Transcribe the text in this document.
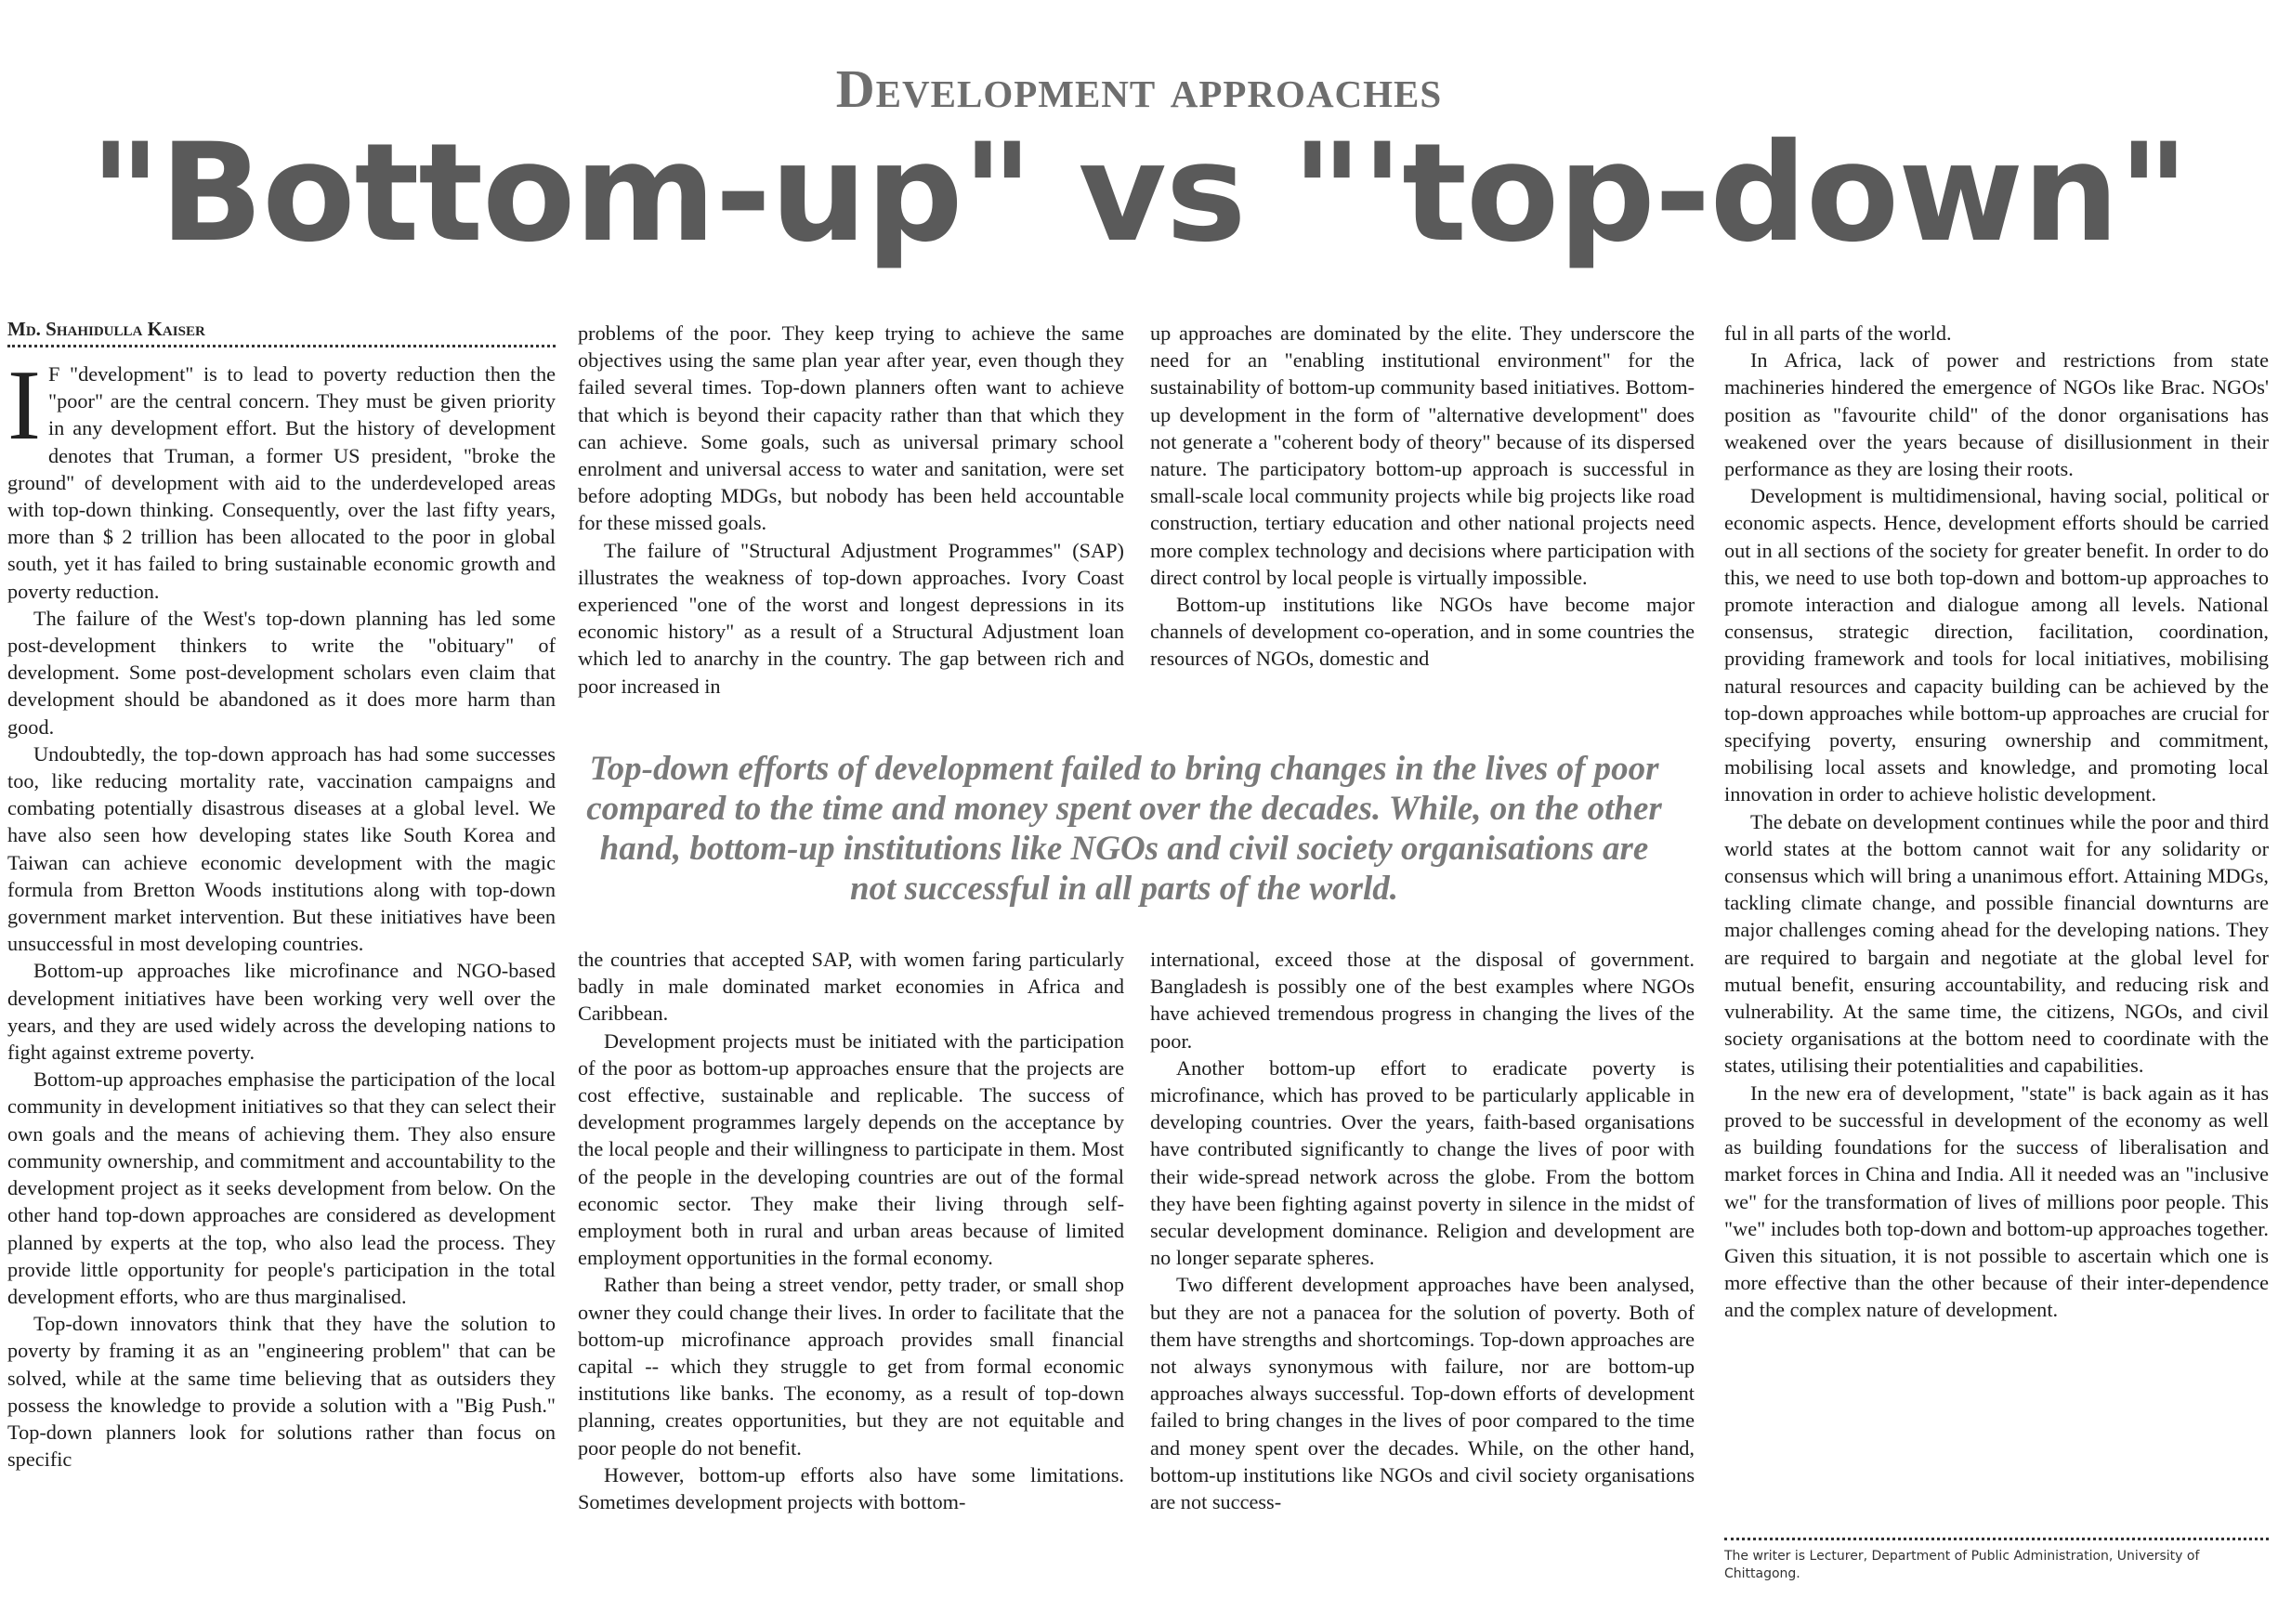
Development approaches
"Bottom-up" vs "'top-down"
Md. Shahidulla Kaiser
I F "development" is to lead to poverty reduction then the "poor" are the central concern. They must be given priority in any development effort. But the history of development denotes that Truman, a former US president, "broke the ground" of development with aid to the underdeveloped areas with top-down thinking. Consequently, over the last fifty years, more than $ 2 trillion has been allocated to the poor in global south, yet it has failed to bring sustainable economic growth and poverty reduction.

The failure of the West's top-down planning has led some post-development thinkers to write the "obituary" of development. Some post-development scholars even claim that development should be abandoned as it does more harm than good.

Undoubtedly, the top-down approach has had some successes too, like reducing mortality rate, vaccination campaigns and combating potentially disastrous diseases at a global level. We have also seen how developing states like South Korea and Taiwan can achieve economic development with the magic formula from Bretton Woods institutions along with top-down government market intervention. But these initiatives have been unsuccessful in most developing countries.

Bottom-up approaches like microfinance and NGO-based development initiatives have been working very well over the years, and they are used widely across the developing nations to fight against extreme poverty.

Bottom-up approaches emphasise the participation of the local community in development initiatives so that they can select their own goals and the means of achieving them. They also ensure community ownership, and commitment and accountability to the development project as it seeks development from below. On the other hand top-down approaches are considered as development planned by experts at the top, who also lead the process. They provide little opportunity for people's participation in the total development efforts, who are thus marginalised.

Top-down innovators think that they have the solution to poverty by framing it as an "engineering problem" that can be solved, while at the same time believing that as outsiders they possess the knowledge to provide a solution with a "Big Push." Top-down planners look for solutions rather than focus on specific

problems of the poor. They keep trying to achieve the same objectives using the same plan year after year, even though they failed several times. Top-down planners often want to achieve that which is beyond their capacity rather than that which they can achieve. Some goals, such as universal primary school enrolment and universal access to water and sanitation, were set before adopting MDGs, but nobody has been held accountable for these missed goals.

The failure of "Structural Adjustment Programmes" (SAP) illustrates the weakness of top-down approaches. Ivory Coast experienced "one of the worst and longest depressions in its economic history" as a result of a Structural Adjustment loan which led to anarchy in the country. The gap between rich and poor increased in

up approaches are dominated by the elite. They underscore the need for an "enabling institutional environment" for the sustainability of bottom-up community based initiatives. Bottom-up development in the form of "alternative development" does not generate a "coherent body of theory" because of its dispersed nature. The participatory bottom-up approach is successful in small-scale local community projects while big projects like road construction, tertiary education and other national projects need more complex technology and decisions where participation with direct control by local people is virtually impossible.

Bottom-up institutions like NGOs have become major channels of development co-operation, and in some countries the resources of NGOs, domestic and

Top-down efforts of development failed to bring changes in the lives of poor compared to the time and money spent over the decades. While, on the other hand, bottom-up institutions like NGOs and civil society organisations are not successful in all parts of the world.

the countries that accepted SAP, with women faring particularly badly in male dominated market economies in Africa and Caribbean.

Development projects must be initiated with the participation of the poor as bottom-up approaches ensure that the projects are cost effective, sustainable and replicable. The success of development programmes largely depends on the acceptance by the local people and their willingness to participate in them. Most of the people in the developing countries are out of the formal economic sector. They make their living through self-employment both in rural and urban areas because of limited employment opportunities in the formal economy.

Rather than being a street vendor, petty trader, or small shop owner they could change their lives. In order to facilitate that the bottom-up microfinance approach provides small financial capital -- which they struggle to get from formal economic institutions like banks. The economy, as a result of top-down planning, creates opportunities, but they are not equitable and poor people do not benefit.

However, bottom-up efforts also have some limitations. Sometimes development projects with bottom-

international, exceed those at the disposal of government. Bangladesh is possibly one of the best examples where NGOs have achieved tremendous progress in changing the lives of the poor.

Another bottom-up effort to eradicate poverty is microfinance, which has proved to be particularly applicable in developing countries. Over the years, faith-based organisations have contributed significantly to change the lives of poor with their wide-spread network across the globe. From the bottom they have been fighting against poverty in silence in the midst of secular development dominance. Religion and development are no longer separate spheres.

Two different development approaches have been analysed, but they are not a panacea for the solution of poverty. Both of them have strengths and shortcomings. Top-down approaches are not always synonymous with failure, nor are bottom-up approaches always successful. Top-down efforts of development failed to bring changes in the lives of poor compared to the time and money spent over the decades. While, on the other hand, bottom-up institutions like NGOs and civil society organisations are not success-

ful in all parts of the world.

In Africa, lack of power and restrictions from state machineries hindered the emergence of NGOs like Brac. NGOs' position as "favourite child" of the donor organisations has weakened over the years because of disillusionment in their performance as they are losing their roots.

Development is multidimensional, having social, political or economic aspects. Hence, development efforts should be carried out in all sections of the society for greater benefit. In order to do this, we need to use both top-down and bottom-up approaches to promote interaction and dialogue among all levels. National consensus, strategic direction, facilitation, coordination, providing framework and tools for local initiatives, mobilising natural resources and capacity building can be achieved by the top-down approaches while bottom-up approaches are crucial for specifying poverty, ensuring ownership and commitment, mobilising local assets and knowledge, and promoting local innovation in order to achieve holistic development.

The debate on development continues while the poor and third world states at the bottom cannot wait for any solidarity or consensus which will bring a unanimous effort. Attaining MDGs, tackling climate change, and possible financial downturns are major challenges coming ahead for the developing nations. They are required to bargain and negotiate at the global level for mutual benefit, ensuring accountability, and reducing risk and vulnerability. At the same time, the citizens, NGOs, and civil society organisations at the bottom need to coordinate with the states, utilising their potentialities and capabilities.

In the new era of development, "state" is back again as it has proved to be successful in development of the economy as well as building foundations for the success of liberalisation and market forces in China and India. All it needed was an "inclusive we" for the transformation of lives of millions poor people. This "we" includes both top-down and bottom-up approaches together. Given this situation, it is not possible to ascertain which one is more effective than the other because of their inter-dependence and the complex nature of development.

The writer is Lecturer, Department of Public Administration, University of Chittagong.
